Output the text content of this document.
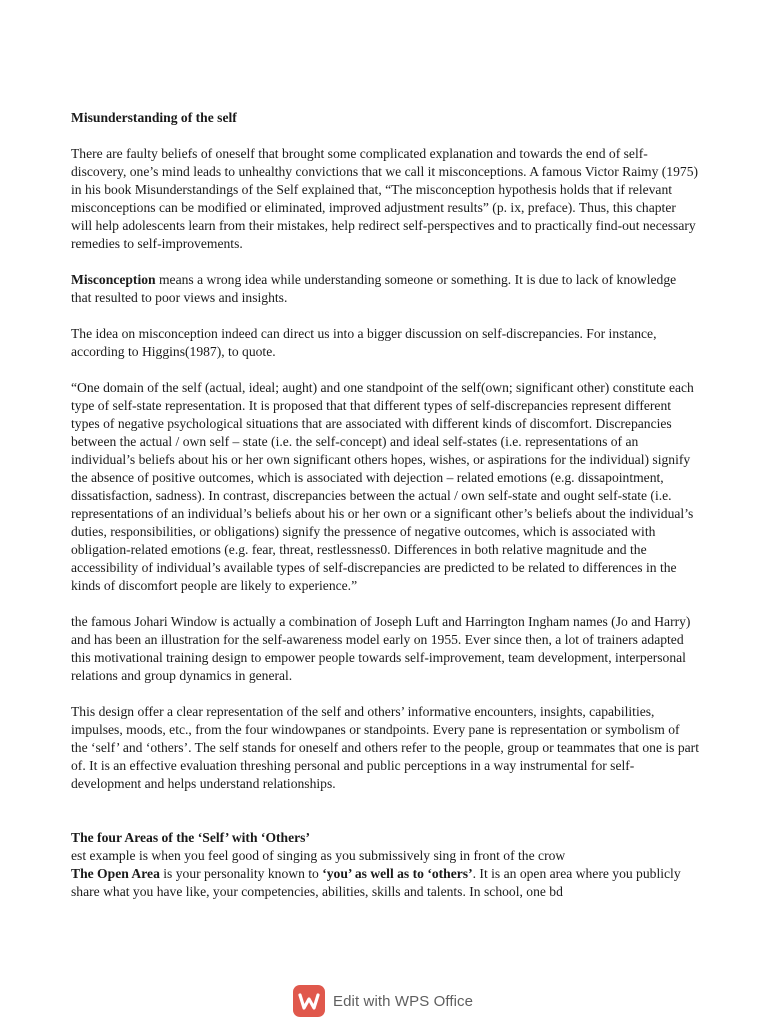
Misunderstanding of the self

There are faulty beliefs of oneself that brought some complicated explanation and towards the end of self-discovery, one’s mind leads to unhealthy convictions that we call it misconceptions. A famous Victor Raimy (1975) in his book Misunderstandings of the Self explained that, “The misconception hypothesis holds that if relevant misconceptions can be modified or eliminated, improved adjustment results” (p. ix, preface). Thus, this chapter will help adolescents learn from their mistakes, help redirect self-perspectives and to practically find-out necessary remedies to self-improvements.

Misconception means a wrong idea while understanding someone or something. It is due to lack of knowledge that resulted to poor views and insights.

The idea on misconception indeed can direct us into a bigger discussion on self-discrepancies. For instance, according to Higgins(1987), to quote.

“One domain of the self (actual, ideal; aught) and one standpoint of the self(own; significant other) constitute each type of self-state representation. It is proposed that that different types of self-discrepancies represent different types of negative psychological situations that are associated with different kinds of discomfort. Discrepancies between the actual / own self – state (i.e. the self-concept) and ideal self-states (i.e. representations of an individual’s beliefs about his or her own significant others hopes, wishes, or aspirations for the individual) signify the absence of positive outcomes, which is associated with dejection – related emotions (e.g. dissapointment, dissatisfaction, sadness). In contrast, discrepancies between the actual / own self-state and ought self-state (i.e. representations of an individual’s beliefs about his or her own or a significant other’s beliefs about the individual’s duties, responsibilities, or obligations) signify the pressence of negative outcomes, which is associated with obligation-related emotions (e.g. fear, threat, restlessness0. Differences in both relative magnitude and the accessibility of individual’s available types of self-discrepancies are predicted to be related to differences in the kinds of discomfort people are likely to experience.”

the famous Johari Window is actually a combination of Joseph Luft and Harrington Ingham names (Jo and Harry) and has been an illustration for the self-awareness model early on 1955. Ever since then, a lot of trainers adapted this motivational training design to empower people towards self-improvement, team development, interpersonal relations and group dynamics in general.

This design offer a clear representation of the self and others’ informative encounters, insights, capabilities, impulses, moods, etc., from the four windowpanes or standpoints. Every pane is representation or symbolism of the ‘self’ and ‘others’. The self stands for oneself and others refer to the people, group or teammates that one is part of. It is an effective evaluation threshing personal and public perceptions in a way instrumental for self-development and helps understand relationships.

The four Areas of the ‘Self’ with ‘Others’

est example is when you feel good of singing as you submissively sing in front of the crow

The Open Area is your personality known to ‘you’ as well as to ‘others’. It is an open area where you publicly share what you have like, your competencies, abilities, skills and talents. In school, one bd

Edit with WPS Office
